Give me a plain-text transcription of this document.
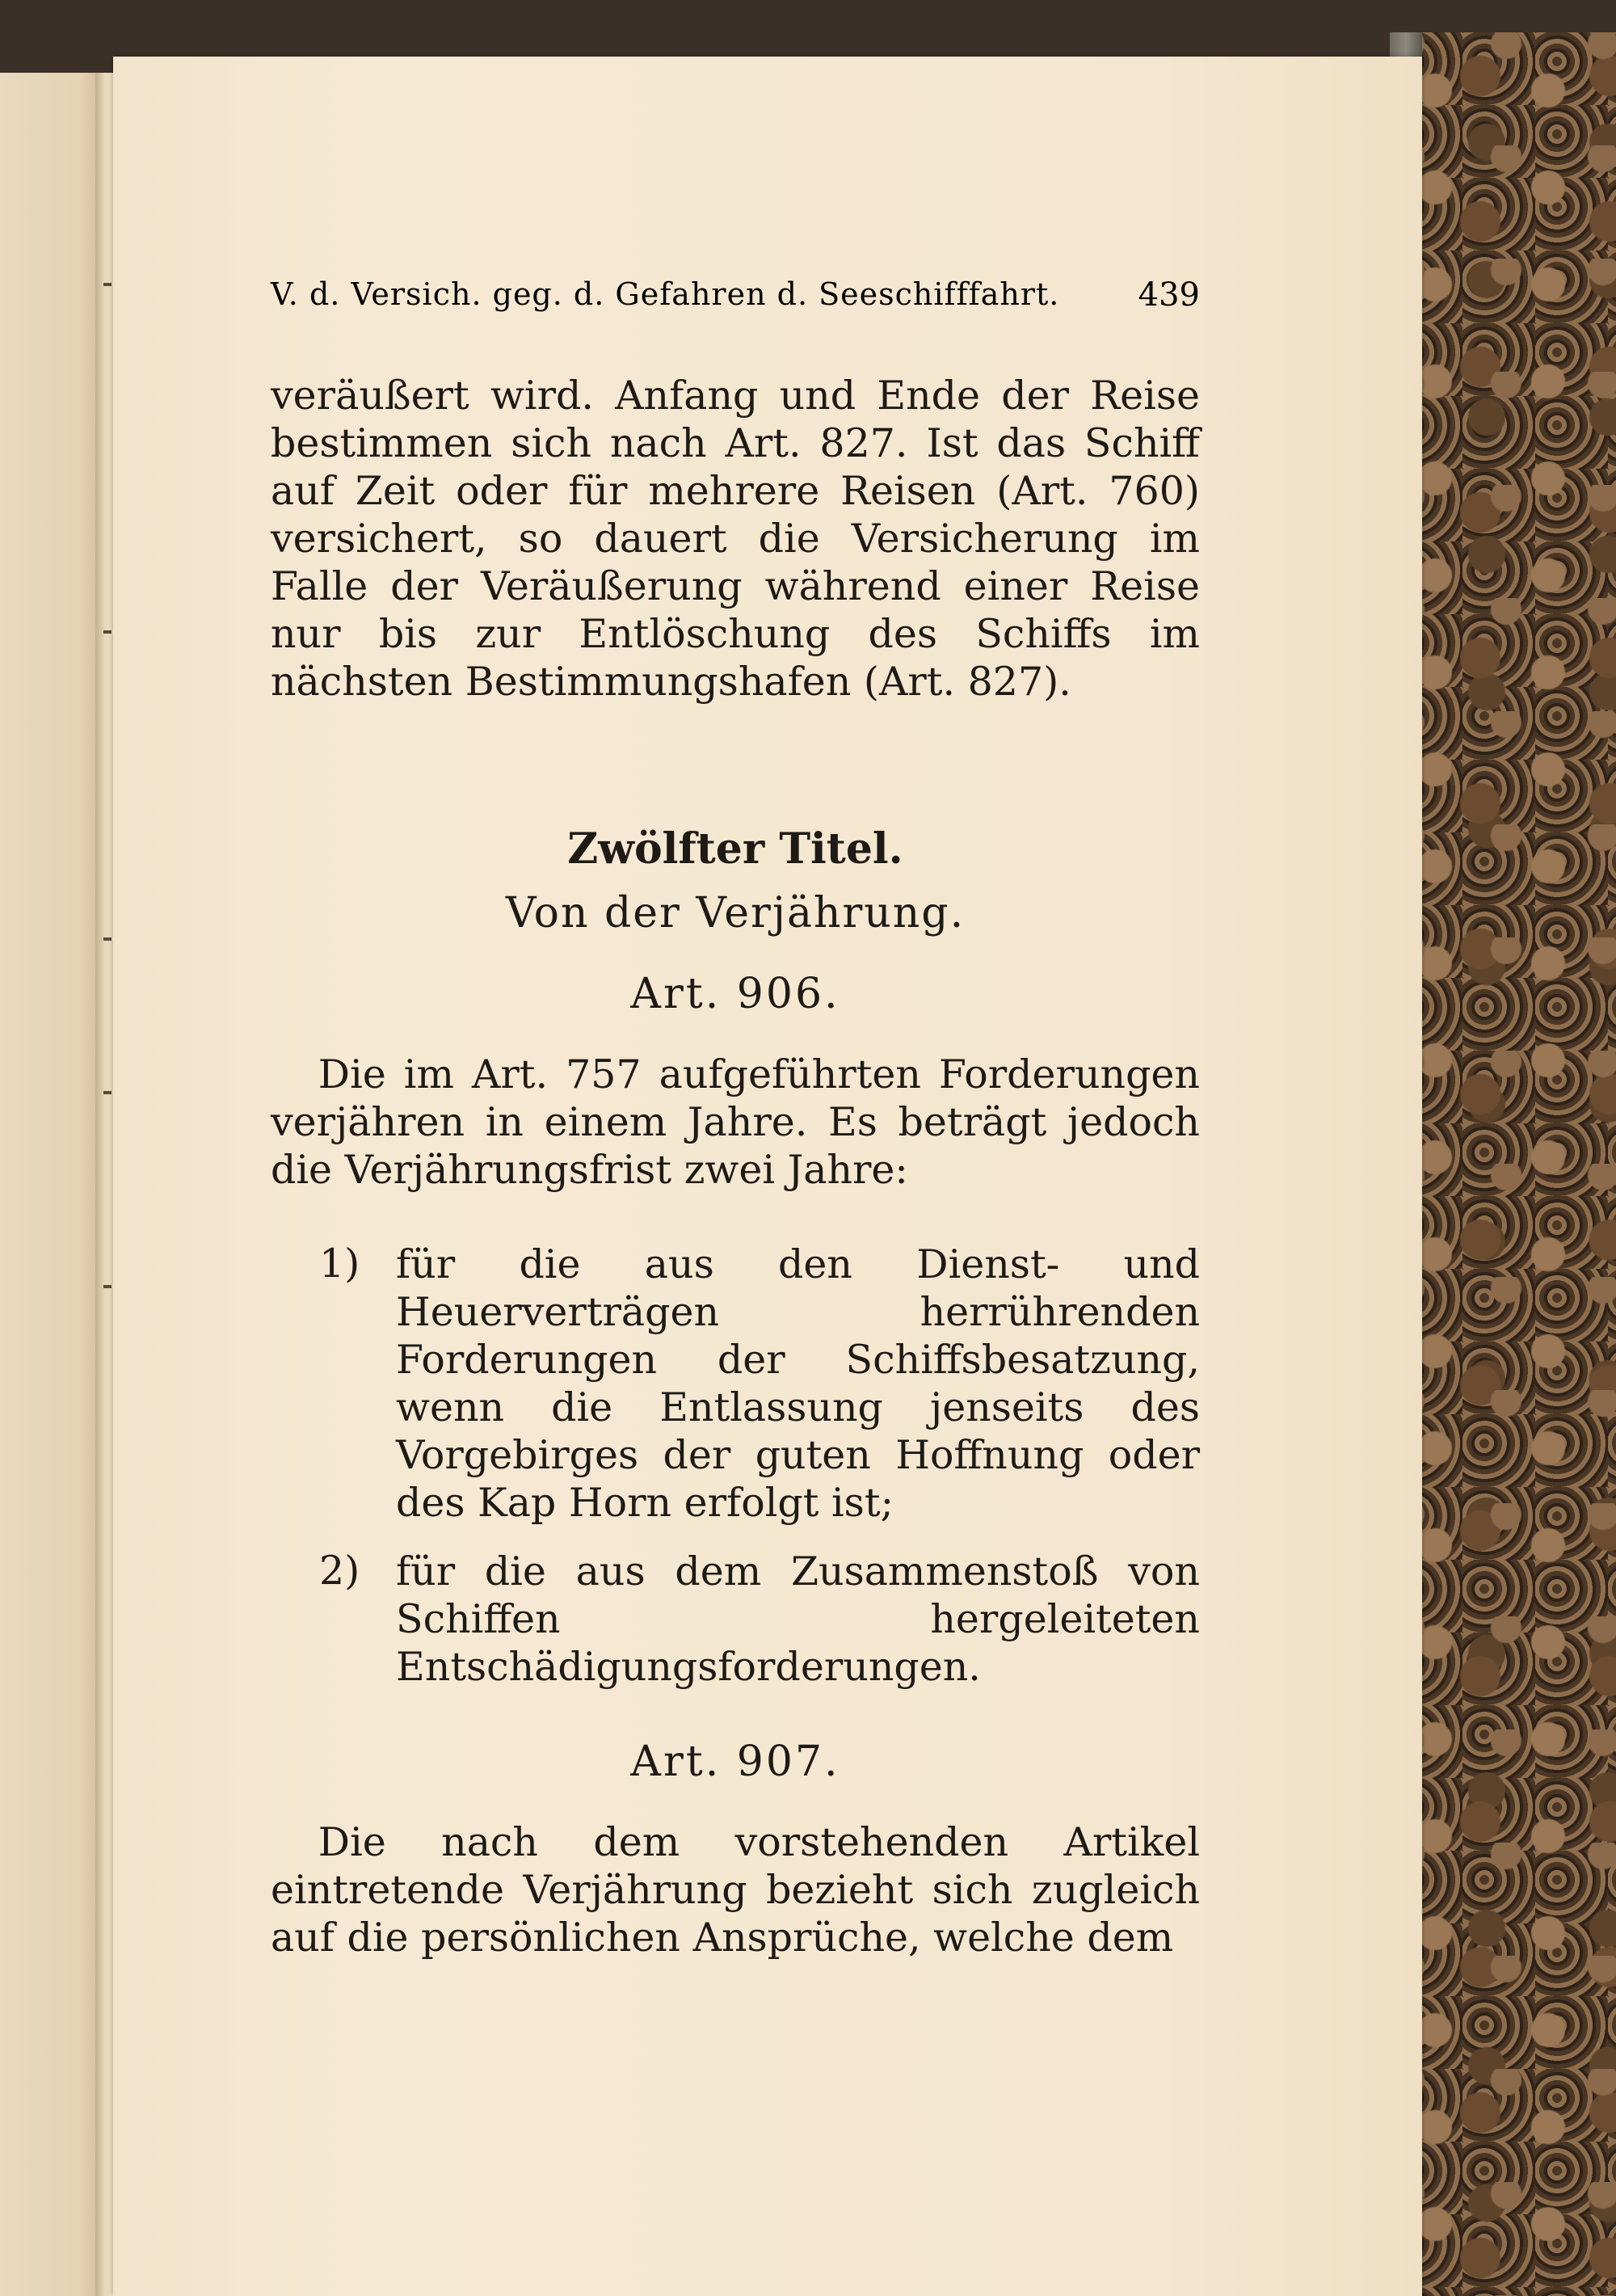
V. d. Versich. geg. d. Gefahren d. Seeschifffahrt. 439
veräußert wird. Anfang und Ende der Reise bestimmen sich nach Art. 827. Ist das Schiff auf Zeit oder für mehrere Reisen (Art. 760) versichert, so dauert die Versicherung im Falle der Veräußerung während einer Reise nur bis zur Entlöschung des Schiffs im nächsten Bestimmungshafen (Art. 827).
Zwölfter Titel.
Von der Verjährung.
Art. 906.
Die im Art. 757 aufgeführten Forderungen verjähren in einem Jahre. Es beträgt jedoch die Verjährungsfrist zwei Jahre:
1) für die aus den Dienst- und Heuerverträgen herrührenden Forderungen der Schiffsbesatzung, wenn die Entlassung jenseits des Vorgebirges der guten Hoffnung oder des Kap Horn erfolgt ist;
2) für die aus dem Zusammenstoß von Schiffen hergeleiteten Entschädigungsforderungen.
Art. 907.
Die nach dem vorstehenden Artikel eintretende Verjährung bezieht sich zugleich auf die persönlichen Ansprüche, welche dem
